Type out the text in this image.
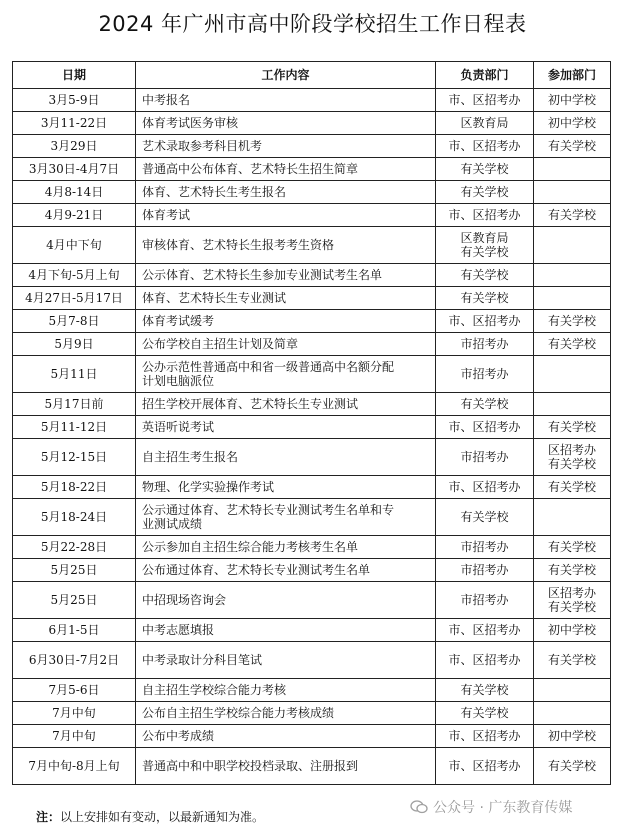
2024 年广州市高中阶段学校招生工作日程表
日期	工作内容	负责部门	参加部门
3月5-9日	中考报名	市、区招考办	初中学校

3月11-22日	体育考试医务审核	区教育局	初中学校

3月29日	艺术录取参考科目机考	市、区招考办	有关学校

3月30日-4月7日	普通高中公布体育、艺术特长生招生简章	有关学校	

4月8-14日	体育、艺术特长生考生报名	有关学校	

4月9-21日	体育考试	市、区招考办	有关学校

4月中下旬	审核体育、艺术特长生报考考生资格	区教育局
有关学校	

4月下旬-5月上旬	公示体育、艺术特长生参加专业测试考生名单	有关学校	

4月27日-5月17日	体育、艺术特长生专业测试	有关学校	

5月7-8日	体育考试缓考	市、区招考办	有关学校

5月9日	公布学校自主招生计划及简章	市招考办	有关学校

5月11日	公办示范性普通高中和省一级普通高中名额分配
计划电脑派位	市招考办	

5月17日前	招生学校开展体育、艺术特长生专业测试	有关学校	

5月11-12日	英语听说考试	市、区招考办	有关学校

5月12-15日	自主招生考生报名	市招考办	区招考办
有关学校

5月18-22日	物理、化学实验操作考试	市、区招考办	有关学校

5月18-24日	公示通过体育、艺术特长专业测试考生名单和专
业测试成绩	有关学校	

5月22-28日	公示参加自主招生综合能力考核考生名单	市招考办	有关学校

5月25日	公布通过体育、艺术特长专业测试考生名单	市招考办	有关学校

5月25日	中招现场咨询会	市招考办	区招考办
有关学校

6月1-5日	中考志愿填报	市、区招考办	初中学校

6月30日-7月2日	中考录取计分科目笔试	市、区招考办	有关学校

7月5-6日	自主招生学校综合能力考核	有关学校	

7月中旬	公布自主招生学校综合能力考核成绩	有关学校	

7月中旬	公布中考成绩	市、区招考办	初中学校

7月中旬-8月上旬	普通高中和中职学校投档录取、注册报到	市、区招考办	有关学校
注：以上安排如有变动，以最新通知为准。
公众号 · 广东教育传媒
